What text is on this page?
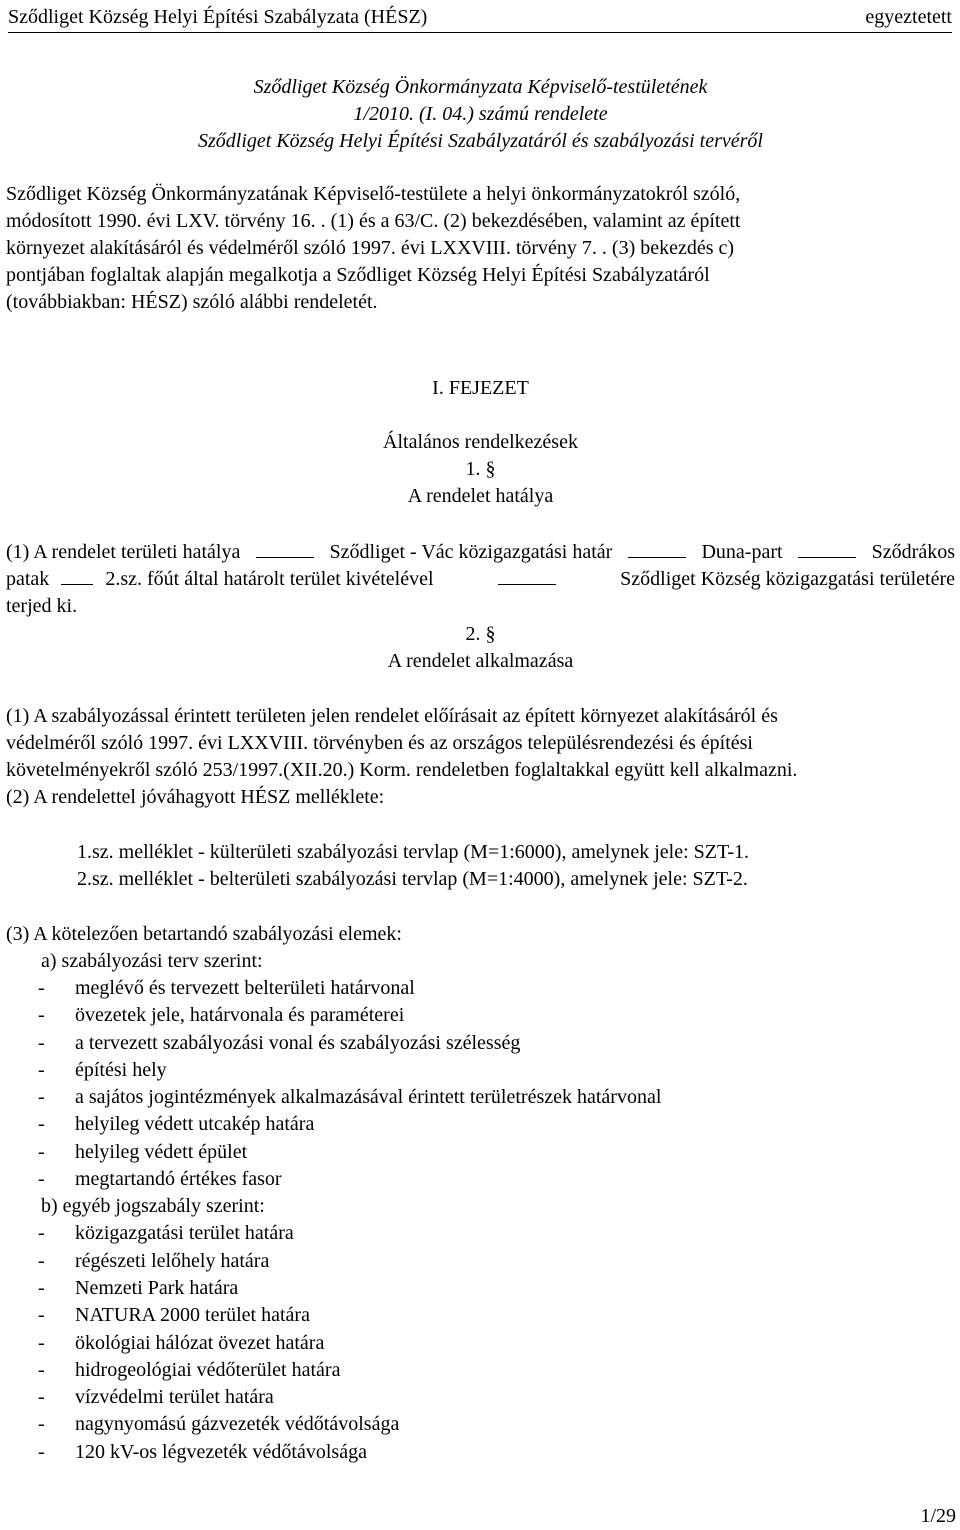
Sződliget Község Helyi Építési Szabályzata (HÉSZ)	egyeztetett
Sződliget Község Önkormányzata Képviselő-testületének
1/2010. (I. 04.) számú rendelete
Sződliget Község Helyi Építési Szabályzatáról és szabályozási tervéről
Sződliget Község Önkormányzatának Képviselő-testülete a helyi önkormányzatokról szóló,
módosított 1990. évi LXV. törvény 16. . (1) és a 63/C. (2) bekezdésében, valamint az épített
környezet alakításáról és védelméről szóló 1997. évi LXXVIII. törvény 7. . (3) bekezdés c)
pontjában foglaltak alapján megalkotja a Sződliget Község Helyi Építési Szabályzatáról
(továbbiakban: HÉSZ) szóló alábbi rendeletét.
I. FEJEZET
Általános rendelkezések
1. §
A rendelet hatálya
(1) A rendelet területi hatálya	Sződliget - Vác közigazgatási határ	Duna-part	Sződrákos
patak	2.sz. főút által határolt terület kivételével	Sződliget Község közigazgatási területére
terjed ki.
2. §
A rendelet alkalmazása
(1) A szabályozással érintett területen jelen rendelet előírásait az épített környezet alakításáról és
védelméről szóló 1997. évi LXXVIII. törvényben és az országos településrendezési és építési
követelményekről szóló 253/1997.(XII.20.) Korm. rendeletben foglaltakkal együtt kell alkalmazni.
(2) A rendelettel jóváhagyott HÉSZ melléklete:
1.sz. melléklet - külterületi szabályozási tervlap (M=1:6000), amelynek jele: SZT-1.
2.sz. melléklet - belterületi szabályozási tervlap (M=1:4000), amelynek jele: SZT-2.
(3) A kötelezően betartandó szabályozási elemek:
a) szabályozási terv szerint:
- meglévő és tervezett belterületi határvonal
- övezetek jele, határvonala és paraméterei
- a tervezett szabályozási vonal és szabályozási szélesség
- építési hely
- a sajátos jogintézmények alkalmazásával érintett területrészek határvonal
- helyileg védett utcakép határa
- helyileg védett épület
- megtartandó értékes fasor
b) egyéb jogszabály szerint:
- közigazgatási terület határa
- régészeti lelőhely határa
- Nemzeti Park határa
- NATURA 2000 terület határa
- ökológiai hálózat övezet határa
- hidrogeológiai védőterület határa
- vízvédelmi terület határa
- nagynyomású gázvezeték védőtávolsága
- 120 kV-os légvezeték védőtávolsága
1/29
